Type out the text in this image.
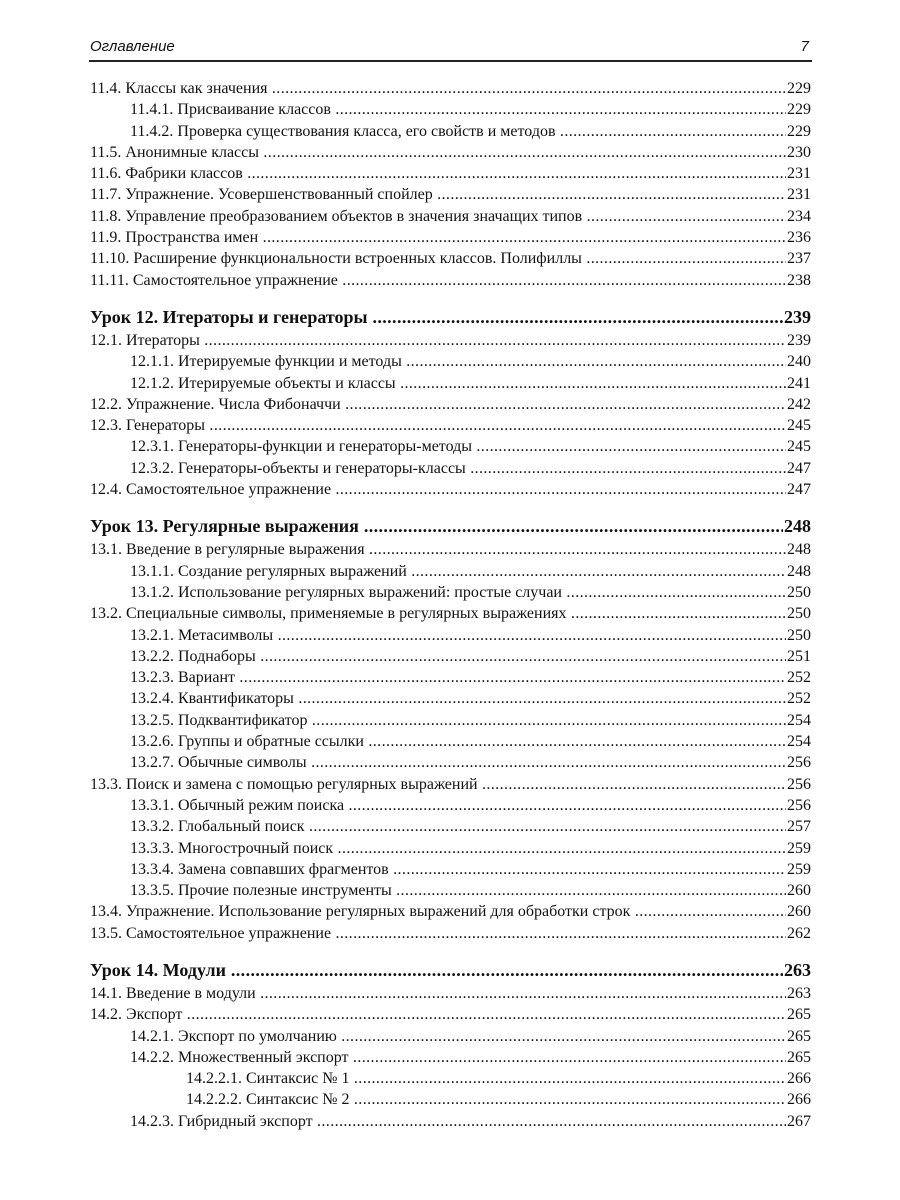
Оглавление	7
11.4. Классы как значения .....	229
11.4.1. Присваивание классов .....	229
11.4.2. Проверка существования класса, его свойств и методов .....	229
11.5. Анонимные классы .....	230
11.6. Фабрики классов .....	231
11.7. Упражнение. Усовершенствованный спойлер .....	231
11.8. Управление преобразованием объектов в значения значащих типов .....	234
11.9. Пространства имен .....	236
11.10. Расширение функциональности встроенных классов. Полифиллы .....	237
11.11. Самостоятельное упражнение .....	238
Урок 12. Итераторы и генераторы .....	239
12.1. Итераторы .....	239
12.1.1. Итерируемые функции и методы .....	240
12.1.2. Итерируемые объекты и классы .....	241
12.2. Упражнение. Числа Фибоначчи .....	242
12.3. Генераторы .....	245
12.3.1. Генераторы-функции и генераторы-методы .....	245
12.3.2. Генераторы-объекты и генераторы-классы .....	247
12.4. Самостоятельное упражнение .....	247
Урок 13. Регулярные выражения .....	248
13.1. Введение в регулярные выражения .....	248
13.1.1. Создание регулярных выражений .....	248
13.1.2. Использование регулярных выражений: простые случаи .....	250
13.2. Специальные символы, применяемые в регулярных выражениях .....	250
13.2.1. Метасимволы .....	250
13.2.2. Поднаборы .....	251
13.2.3. Вариант .....	252
13.2.4. Квантификаторы .....	252
13.2.5. Подквантификатор .....	254
13.2.6. Группы и обратные ссылки .....	254
13.2.7. Обычные символы .....	256
13.3. Поиск и замена с помощью регулярных выражений .....	256
13.3.1. Обычный режим поиска .....	256
13.3.2. Глобальный поиск .....	257
13.3.3. Многострочный поиск .....	259
13.3.4. Замена совпавших фрагментов .....	259
13.3.5. Прочие полезные инструменты .....	260
13.4. Упражнение. Использование регулярных выражений для обработки строк .....	260
13.5. Самостоятельное упражнение .....	262
Урок 14. Модули .....	263
14.1. Введение в модули .....	263
14.2. Экспорт .....	265
14.2.1. Экспорт по умолчанию .....	265
14.2.2. Множественный экспорт .....	265
14.2.2.1. Синтаксис № 1 .....	266
14.2.2.2. Синтаксис № 2 .....	266
14.2.3. Гибридный экспорт .....	267
